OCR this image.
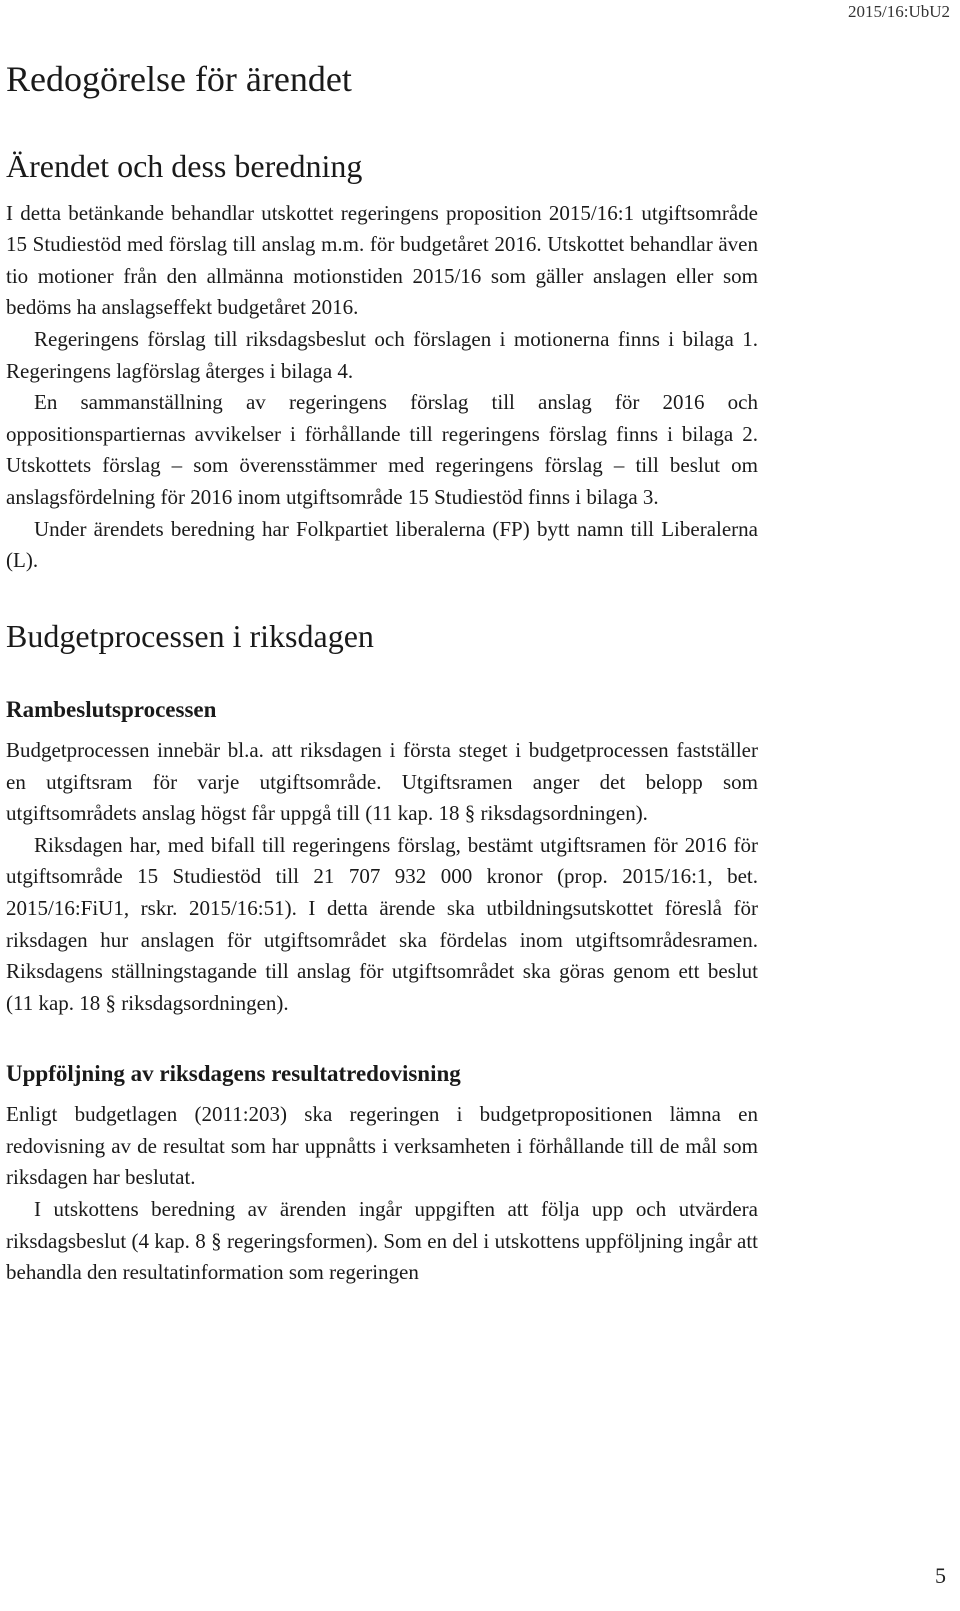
2015/16:UbU2
Redogörelse för ärendet
Ärendet och dess beredning

I detta betänkande behandlar utskottet regeringens proposition 2015/16:1 utgiftsområde 15 Studiestöd med förslag till anslag m.m. för budgetåret 2016. Utskottet behandlar även tio motioner från den allmänna motionstiden 2015/16 som gäller anslagen eller som bedöms ha anslagseffekt budgetåret 2016.

Regeringens förslag till riksdagsbeslut och förslagen i motionerna finns i bilaga 1. Regeringens lagförslag återges i bilaga 4.

En sammanställning av regeringens förslag till anslag för 2016 och oppositionspartiernas avvikelser i förhållande till regeringens förslag finns i bilaga 2. Utskottets förslag – som överensstämmer med regeringens förslag – till beslut om anslagsfördelning för 2016 inom utgiftsområde 15 Studiestöd finns i bilaga 3.

Under ärendets beredning har Folkpartiet liberalerna (FP) bytt namn till Liberalerna (L).

Budgetprocessen i riksdagen
Rambeslutsprocessen

Budgetprocessen innebär bl.a. att riksdagen i första steget i budgetprocessen fastställer en utgiftsram för varje utgiftsområde. Utgiftsramen anger det belopp som utgiftsområdets anslag högst får uppgå till (11 kap. 18 § riksdagsordningen).

Riksdagen har, med bifall till regeringens förslag, bestämt utgiftsramen för 2016 för utgiftsområde 15 Studiestöd till 21 707 932 000 kronor (prop. 2015/16:1, bet. 2015/16:FiU1, rskr. 2015/16:51). I detta ärende ska utbildningsutskottet föreslå för riksdagen hur anslagen för utgiftsområdet ska fördelas inom utgiftsområdesramen. Riksdagens ställningstagande till anslag för utgiftsområdet ska göras genom ett beslut (11 kap. 18 § riksdagsordningen).

Uppföljning av riksdagens resultatredovisning

Enligt budgetlagen (2011:203) ska regeringen i budgetpropositionen lämna en redovisning av de resultat som har uppnåtts i verksamheten i förhållande till de mål som riksdagen har beslutat.

I utskottens beredning av ärenden ingår uppgiften att följa upp och utvärdera riksdagsbeslut (4 kap. 8 § regeringsformen). Som en del i utskottens uppföljning ingår att behandla den resultatinformation som regeringen

5
